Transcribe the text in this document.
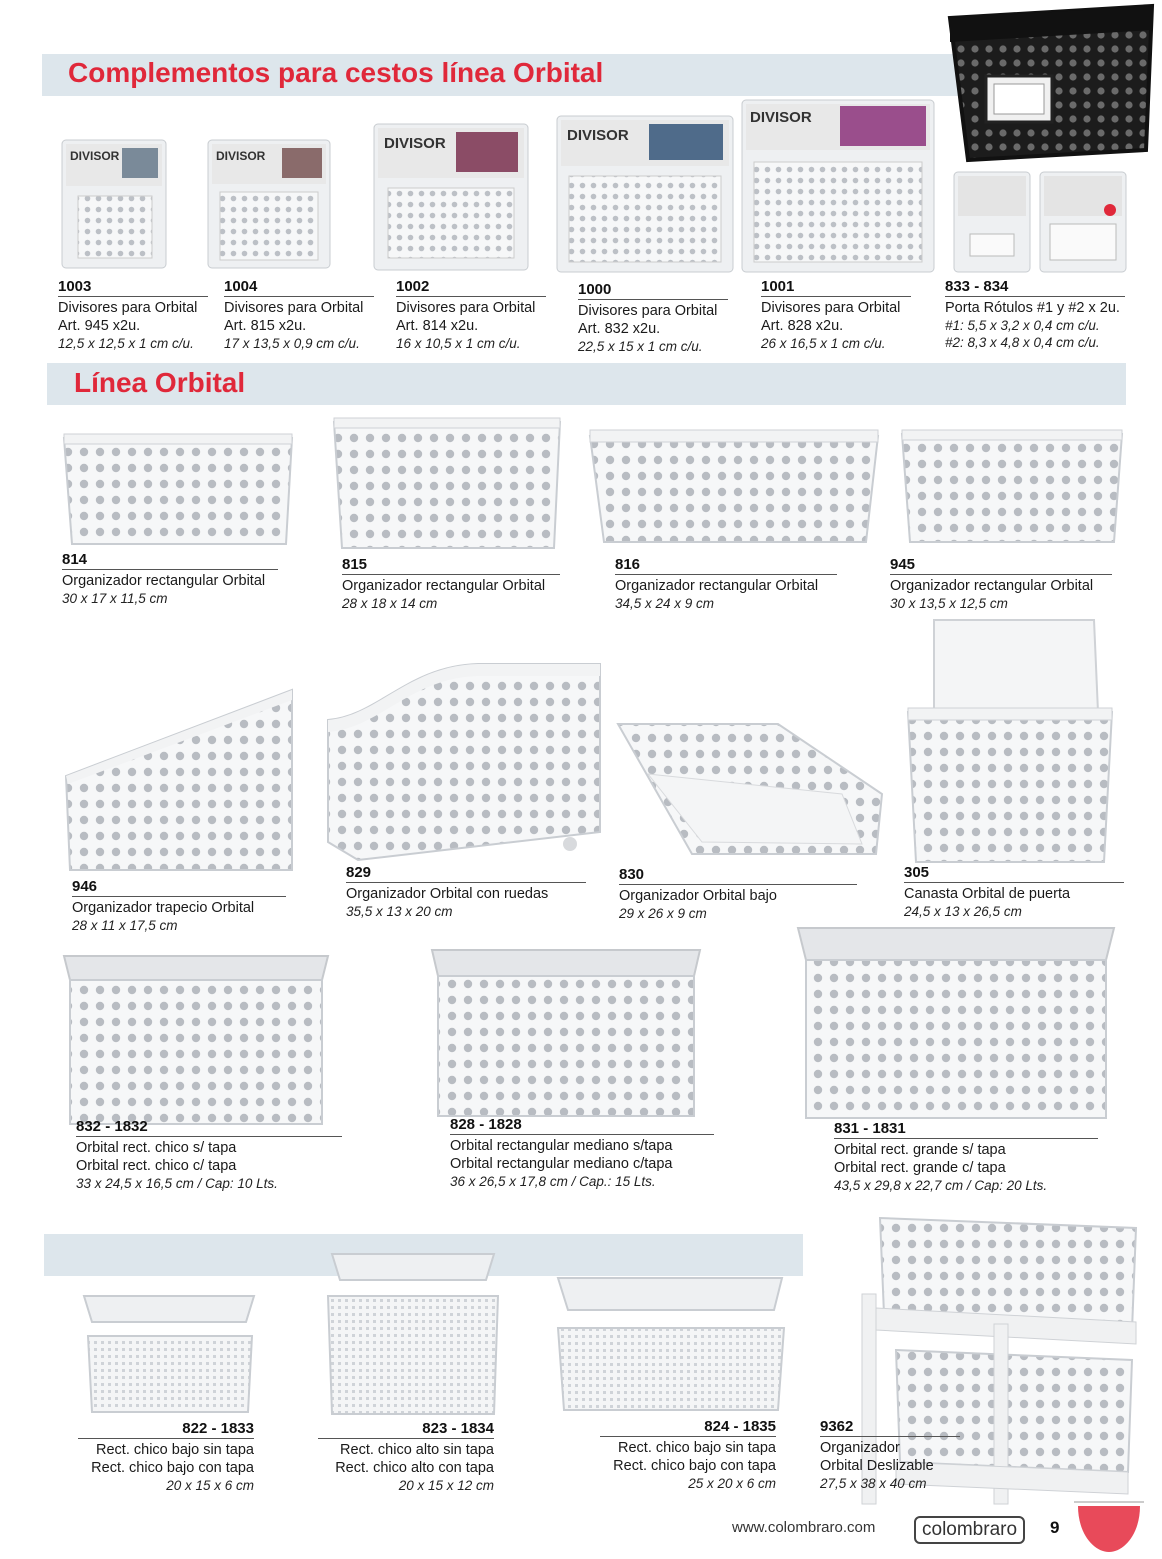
Complementos para cestos línea Orbital
DIVISOR	DIVISOR
DIVISOR	DIVISOR
DIVISOR
1003
Divisores para Orbital
Art. 945 x2u.
12,5 x 12,5 x 1 cm c/u.
1004
Divisores para Orbital
Art. 815 x2u.
17 x 13,5 x 0,9 cm c/u.
1002
Divisores para Orbital
Art. 814 x2u.
16 x 10,5 x 1 cm c/u.
1000
Divisores para Orbital
Art. 832 x2u.
22,5 x 15 x 1 cm c/u.
1001
Divisores para Orbital
Art. 828 x2u.
26 x 16,5 x 1 cm c/u.
833 - 834
Porta Rótulos #1 y #2 x 2u.
#1: 5,5 x 3,2 x 0,4 cm c/u.
#2: 8,3 x 4,8 x 0,4 cm c/u.
Línea Orbital
814
Organizador rectangular Orbital
30 x 17 x 11,5 cm
815
Organizador rectangular Orbital
28 x 18 x 14 cm
816
Organizador rectangular Orbital
34,5 x 24 x 9 cm
945
Organizador rectangular Orbital
30 x 13,5 x 12,5 cm
946
Organizador trapecio Orbital
28 x 11 x 17,5 cm
829
Organizador Orbital con ruedas
35,5 x 13 x 20 cm
830
Organizador Orbital bajo
29 x 26 x 9 cm
305
Canasta Orbital de puerta
24,5 x 13 x 26,5 cm
832 - 1832
Orbital rect. chico s/ tapa
Orbital rect. chico c/ tapa
33 x 24,5 x 16,5 cm / Cap: 10 Lts.
828 - 1828
Orbital rectangular mediano s/tapa
Orbital rectangular mediano c/tapa
36 x 26,5 x 17,8 cm / Cap.: 15 Lts.
831 - 1831
Orbital rect. grande s/ tapa
Orbital rect. grande c/ tapa
43,5 x 29,8 x 22,7 cm / Cap: 20 Lts.
822 - 1833
Rect. chico bajo sin tapa
Rect. chico bajo con tapa
20 x 15 x 6 cm
823 - 1834
Rect. chico alto sin tapa
Rect. chico alto con tapa
20 x 15 x 12 cm
824 - 1835
Rect. chico bajo sin tapa
Rect. chico bajo con tapa
25 x 20 x 6 cm
9362
Organizador
Orbital Deslizable
27,5 x 38 x 40 cm
www.colombraro.com	colombraro	9
